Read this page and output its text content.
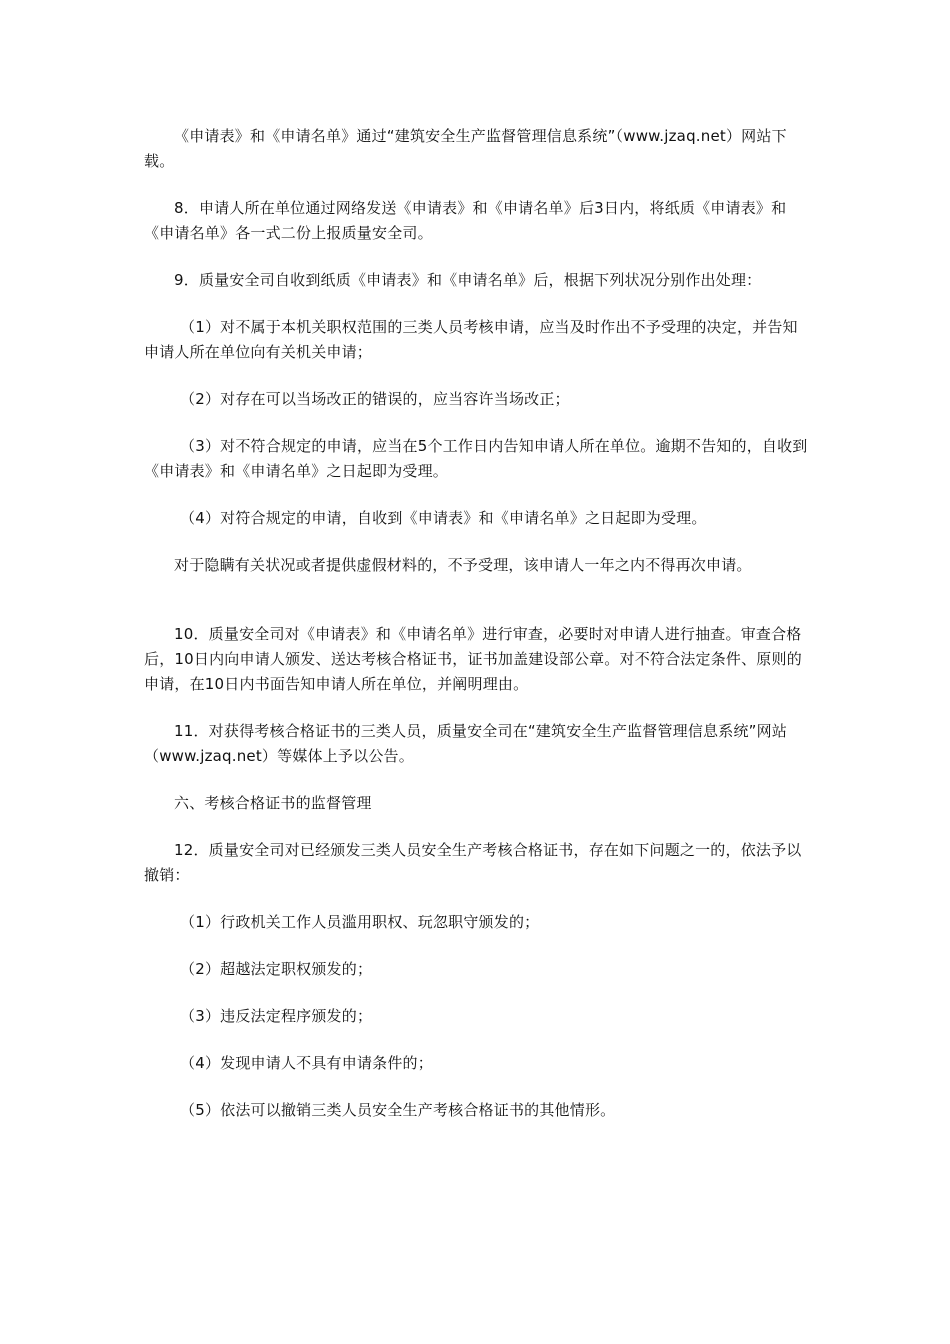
《申请表》和《申请名单》通过“建筑安全生产监督管理信息系统”（www.jzaq.net）网站下载。

8．申请人所在单位通过网络发送《申请表》和《申请名单》后3日内，将纸质《申请表》和《申请名单》各一式二份上报质量安全司。

9．质量安全司自收到纸质《申请表》和《申请名单》后，根据下列状况分别作出处理：

（1）对不属于本机关职权范围的三类人员考核申请，应当及时作出不予受理的决定，并告知申请人所在单位向有关机关申请；

（2）对存在可以当场改正的错误的，应当容许当场改正；

（3）对不符合规定的申请，应当在5个工作日内告知申请人所在单位。逾期不告知的，自收到《申请表》和《申请名单》之日起即为受理。

（4）对符合规定的申请，自收到《申请表》和《申请名单》之日起即为受理。

对于隐瞒有关状况或者提供虚假材料的，不予受理，该申请人一年之内不得再次申请。

10．质量安全司对《申请表》和《申请名单》进行审查，必要时对申请人进行抽查。审查合格后，10日内向申请人颁发、送达考核合格证书，证书加盖建设部公章。对不符合法定条件、原则的申请，在10日内书面告知申请人所在单位，并阐明理由。

11．对获得考核合格证书的三类人员，质量安全司在“建筑安全生产监督管理信息系统”网站（www.jzaq.net）等媒体上予以公告。

六、考核合格证书的监督管理

12．质量安全司对已经颁发三类人员安全生产考核合格证书，存在如下问题之一的，依法予以撤销：

（1）行政机关工作人员滥用职权、玩忽职守颁发的；

（2）超越法定职权颁发的；

（3）违反法定程序颁发的；

（4）发现申请人不具有申请条件的；

（5）依法可以撤销三类人员安全生产考核合格证书的其他情形。
